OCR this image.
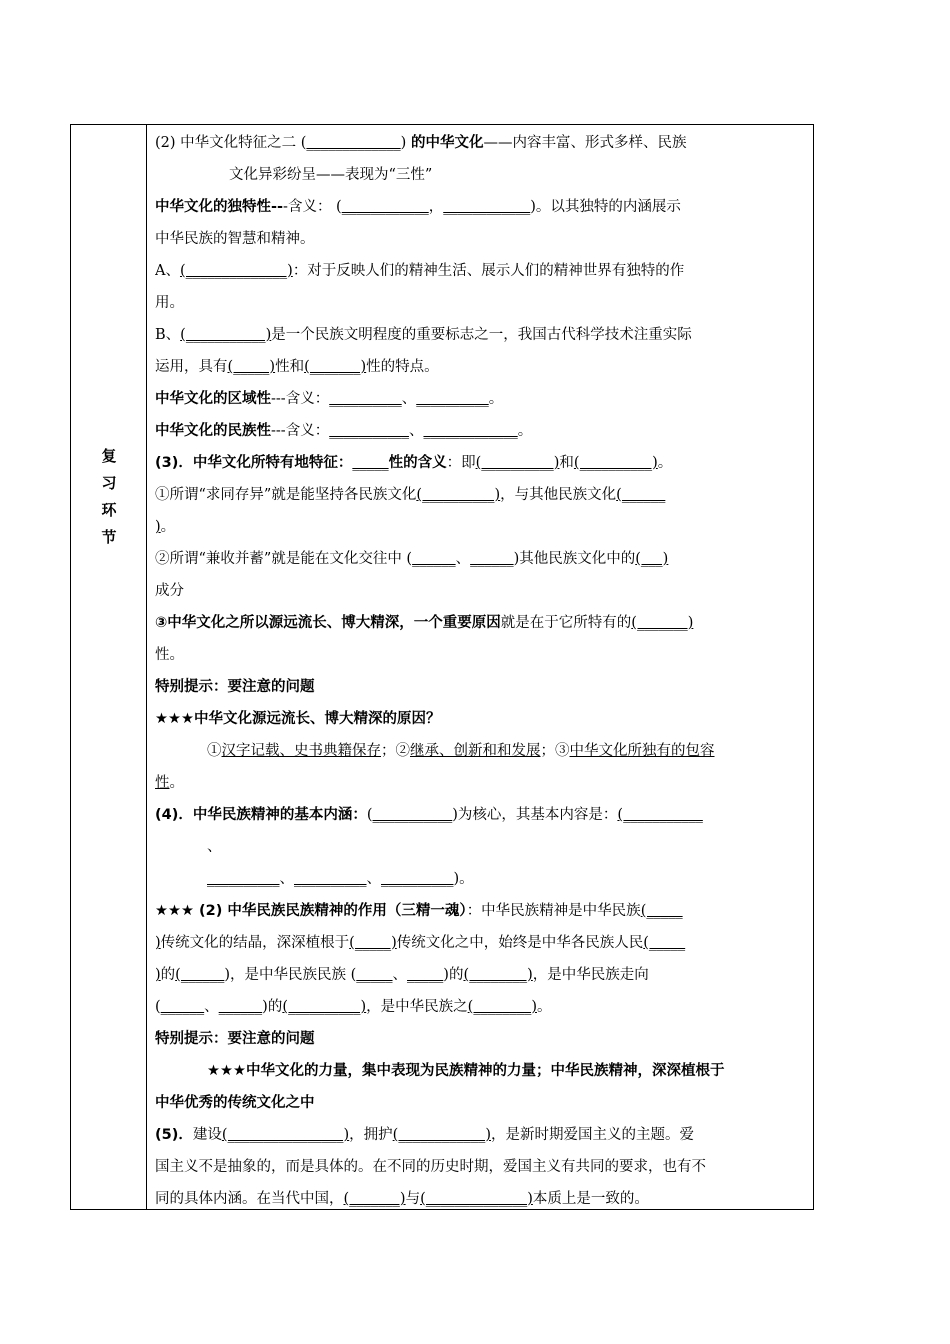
复
习
环
节
(2) 中华文化特征之二 (_____________) 的中华文化——内容丰富、形式多样、民族
文化异彩纷呈——表现为“三性”
中华文化的独特性---含义： (____________，____________)。以其独特的内涵展示
中华民族的智慧和精神。
A、(______________)：对于反映人们的精神生活、展示人们的精神世界有独特的作
用。
B、(___________)是一个民族文明程度的重要标志之一，我国古代科学技术注重实际
运用，具有(_____)性和(_______)性的特点。
中华文化的区域性---含义：__________、__________。
中华文化的民族性---含义：___________、_____________。
(3)．中华文化所特有地特征：_____性的含义：即(__________)和(__________)。
①所谓“求同存异”就是能坚持各民族文化(__________)，与其他民族文化(______
)。
②所谓“兼收并蓄”就是能在文化交往中 (______、______)其他民族文化中的(___)
成分
③中华文化之所以源远流长、博大精深，一个重要原因就是在于它所特有的(_______)
性。
特别提示：要注意的问题
★★★中华文化源远流长、博大精深的原因？
①汉字记载、史书典籍保存；②继承、创新和和发展；③中华文化所独有的包容
性。
(4)．中华民族精神的基本内涵：(___________)为核心，其基本内容是：(___________
、
__________、__________、__________)。
★★★ (2) 中华民族民族精神的作用（三精一魂）：中华民族精神是中华民族(_____
)传统文化的结晶，深深植根于(_____)传统文化之中，始终是中华各民族人民(_____
)的(______)，是中华民族民族 (_____、_____)的(________)，是中华民族走向
(______、______)的(__________)，是中华民族之(________)。
特别提示：要注意的问题
★★★中华文化的力量，集中表现为民族精神的力量；中华民族精神，深深植根于
中华优秀的传统文化之中
(5)．建设(________________)，拥护(____________)，是新时期爱国主义的主题。爱
国主义不是抽象的，而是具体的。在不同的历史时期，爱国主义有共同的要求，也有不
同的具体内涵。在当代中国，(_______)与(______________)本质上是一致的。
